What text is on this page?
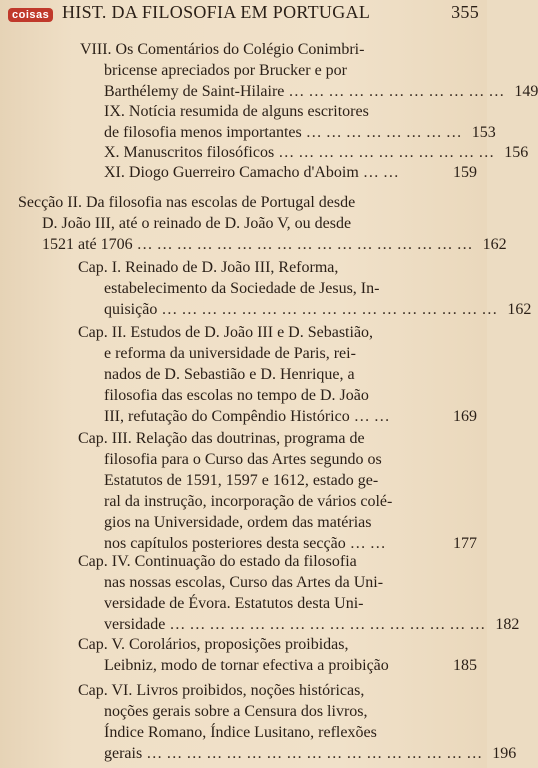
coisas HIST. DA FILOSOFIA EM PORTUGAL	355
VIII. Os Comentários do Colégio Conimbri-
bricense apreciados por Brucker e por
Barthélemy de Saint-Hilaire … … … … … … … … … … … 149
IX. Notícia resumida de alguns escritores
de filosofia menos importantes … … … … … … … … 153
X. Manuscritos filosóficos … … … … … … … … … … … 156
XI. Diogo Guerreiro Camacho d'Aboim … …	159
Secção II. Da filosofia nas escolas de Portugal desde
D. João III, até o reinado de D. João V, ou desde
1521 até 1706 … … … … … … … … … … … … … … … … … 162
Cap. I. Reinado de D. João III, Reforma,
estabelecimento da Sociedade de Jesus, In-
quisição … … … … … … … … … … … … … … … … … 162
Cap. II. Estudos de D. João III e D. Sebastião,
e reforma da universidade de Paris, rei-
nados de D. Sebastião e D. Henrique, a
filosofia das escolas no tempo de D. João
III, refutação do Compêndio Histórico … …	169
Cap. III. Relação das doutrinas, programa de
filosofia para o Curso das Artes segundo os
Estatutos de 1591, 1597 e 1612, estado ge-
ral da instrução, incorporação de vários colé-
gios na Universidade, ordem das matérias
nos capítulos posteriores desta secção … …	177
Cap. IV. Continuação do estado da filosofia
nas nossas escolas, Curso das Artes da Uni-
versidade de Évora. Estatutos desta Uni-
versidade … … … … … … … … … … … … … … … … 182
Cap. V. Corolários, proposições proibidas,
Leibniz, modo de tornar efectiva a proibição	185
Cap. VI. Livros proibidos, noções históricas,
noções gerais sobre a Censura dos livros,
Índice Romano, Índice Lusitano, reflexões
gerais … … … … … … … … … … … … … … … … … 196
